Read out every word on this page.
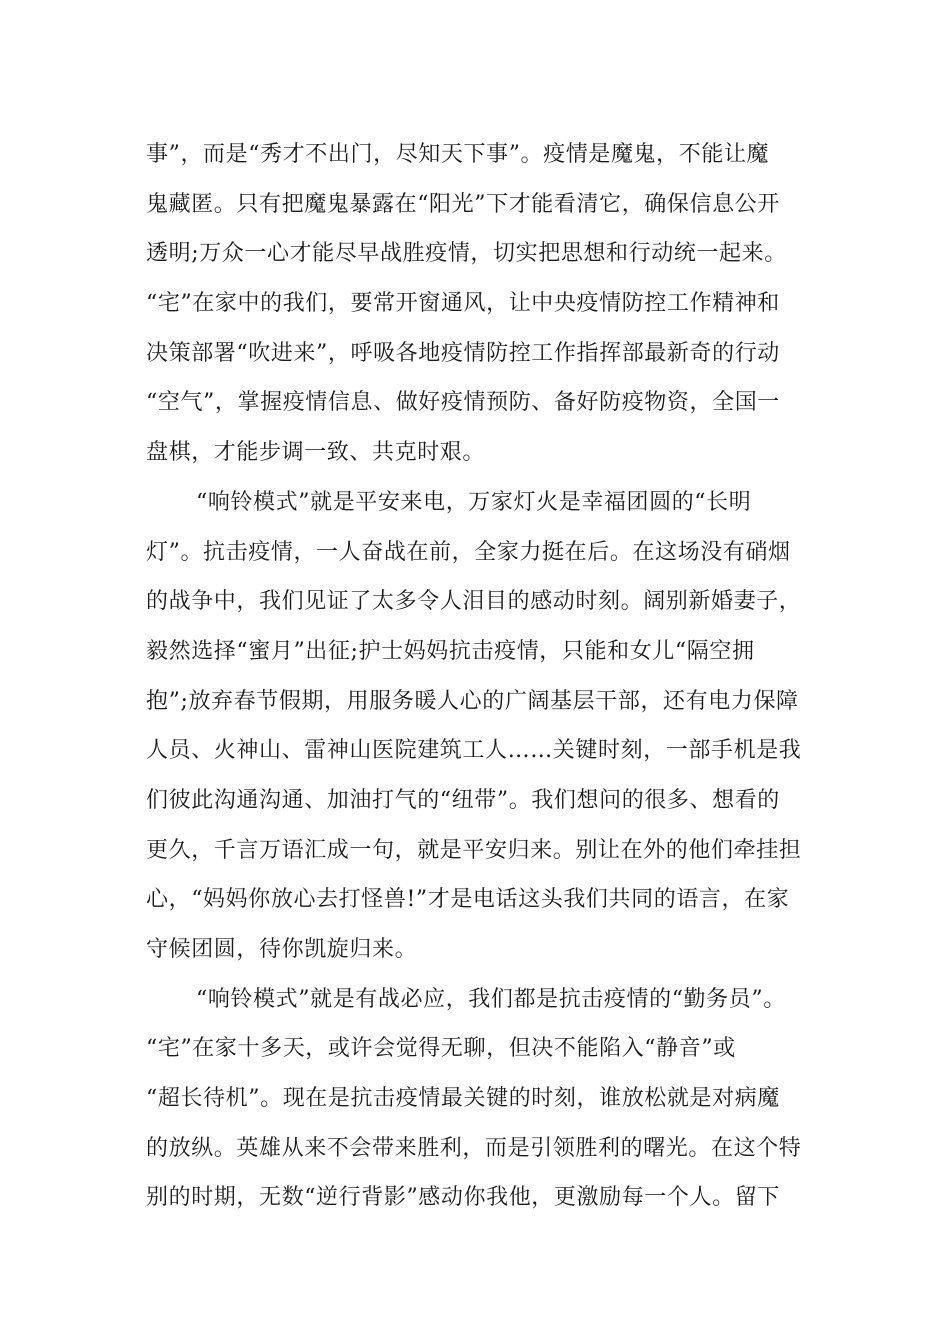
事”，而是“秀才不出门，尽知天下事”。疫情是魔鬼，不能让魔
鬼藏匿。只有把魔鬼暴露在“阳光”下才能看清它，确保信息公开
透明;万众一心才能尽早战胜疫情，切实把思想和行动统一起来。
“宅”在家中的我们，要常开窗通风，让中央疫情防控工作精神和
决策部署“吹进来”，呼吸各地疫情防控工作指挥部最新奇的行动
“空气”，掌握疫情信息、做好疫情预防、备好防疫物资，全国一
盘棋，才能步调一致、共克时艰。
“响铃模式”就是平安来电，万家灯火是幸福团圆的“长明
灯”。抗击疫情，一人奋战在前，全家力挺在后。在这场没有硝烟
的战争中，我们见证了太多令人泪目的感动时刻。阔别新婚妻子，
毅然选择“蜜月”出征;护士妈妈抗击疫情，只能和女儿“隔空拥
抱”;放弃春节假期，用服务暖人心的广阔基层干部，还有电力保障
人员、火神山、雷神山医院建筑工人……关键时刻，一部手机是我
们彼此沟通沟通、加油打气的“纽带”。我们想问的很多、想看的
更久，千言万语汇成一句，就是平安归来。别让在外的他们牵挂担
心，“妈妈你放心去打怪兽!”才是电话这头我们共同的语言，在家
守候团圆，待你凯旋归来。
“响铃模式”就是有战必应，我们都是抗击疫情的“勤务员”。
“宅”在家十多天，或许会觉得无聊，但决不能陷入“静音”或
“超长待机”。现在是抗击疫情最关键的时刻，谁放松就是对病魔
的放纵。英雄从来不会带来胜利，而是引领胜利的曙光。在这个特
别的时期，无数“逆行背影”感动你我他，更激励每一个人。留下
